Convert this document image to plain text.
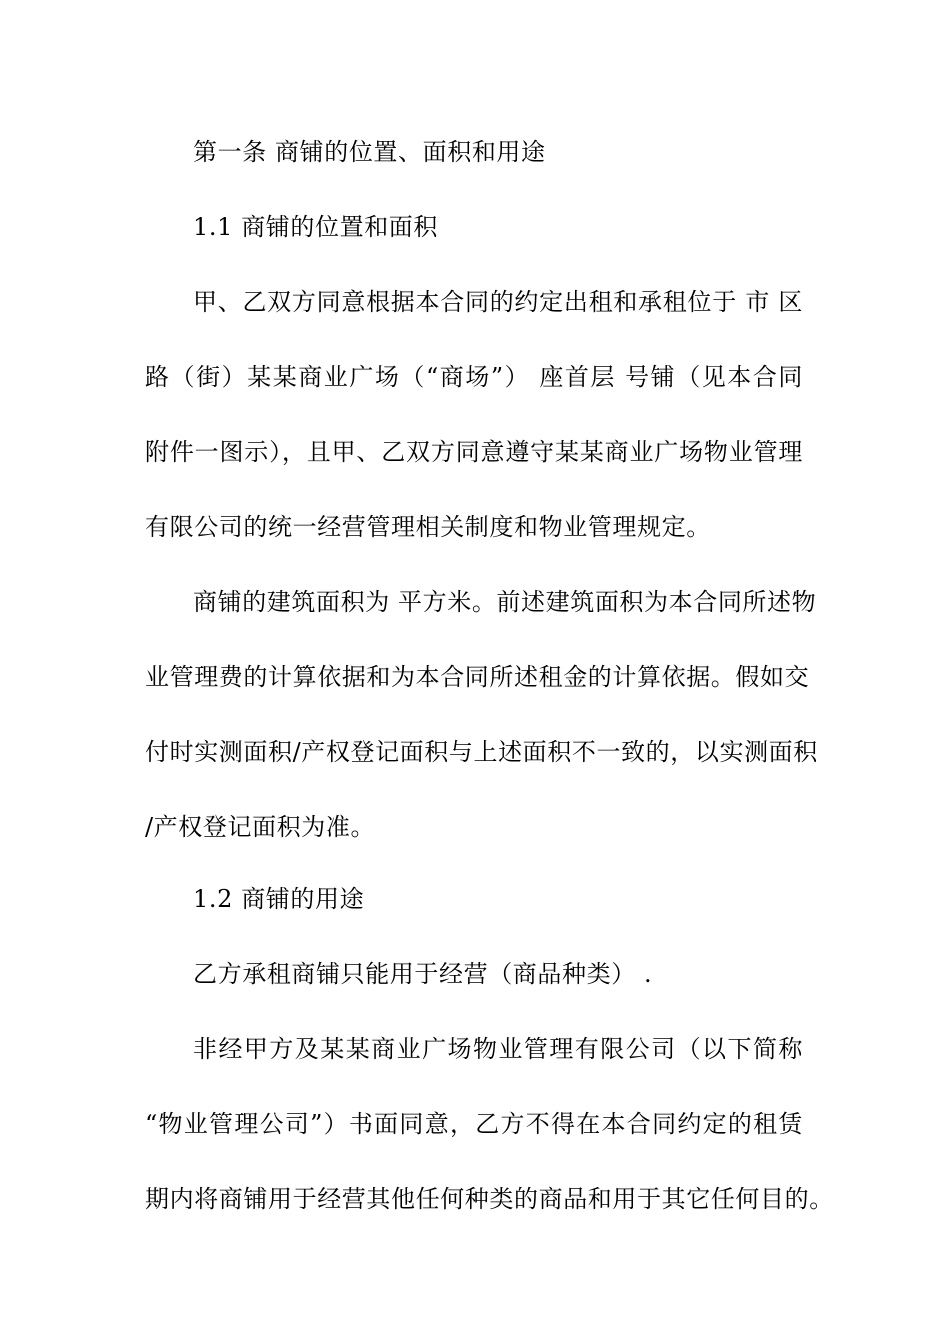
第一条 商铺的位置、面积和用途
1.1 商铺的位置和面积
甲、乙双方同意根据本合同的约定出租和承租位于 市 区
路（街）某某商业广场（“商场”） 座首层 号铺（见本合同
附件一图示），且甲、乙双方同意遵守某某商业广场物业管理
有限公司的统一经营管理相关制度和物业管理规定。
商铺的建筑面积为 平方米。前述建筑面积为本合同所述物
业管理费的计算依据和为本合同所述租金的计算依据。假如交
付时实测面积/产权登记面积与上述面积不一致的，以实测面积
/产权登记面积为准。
1.2 商铺的用途
乙方承租商铺只能用于经营（商品种类） .
非经甲方及某某商业广场物业管理有限公司（以下简称
“物业管理公司”）书面同意，乙方不得在本合同约定的租赁
期内将商铺用于经营其他任何种类的商品和用于其它任何目的。
